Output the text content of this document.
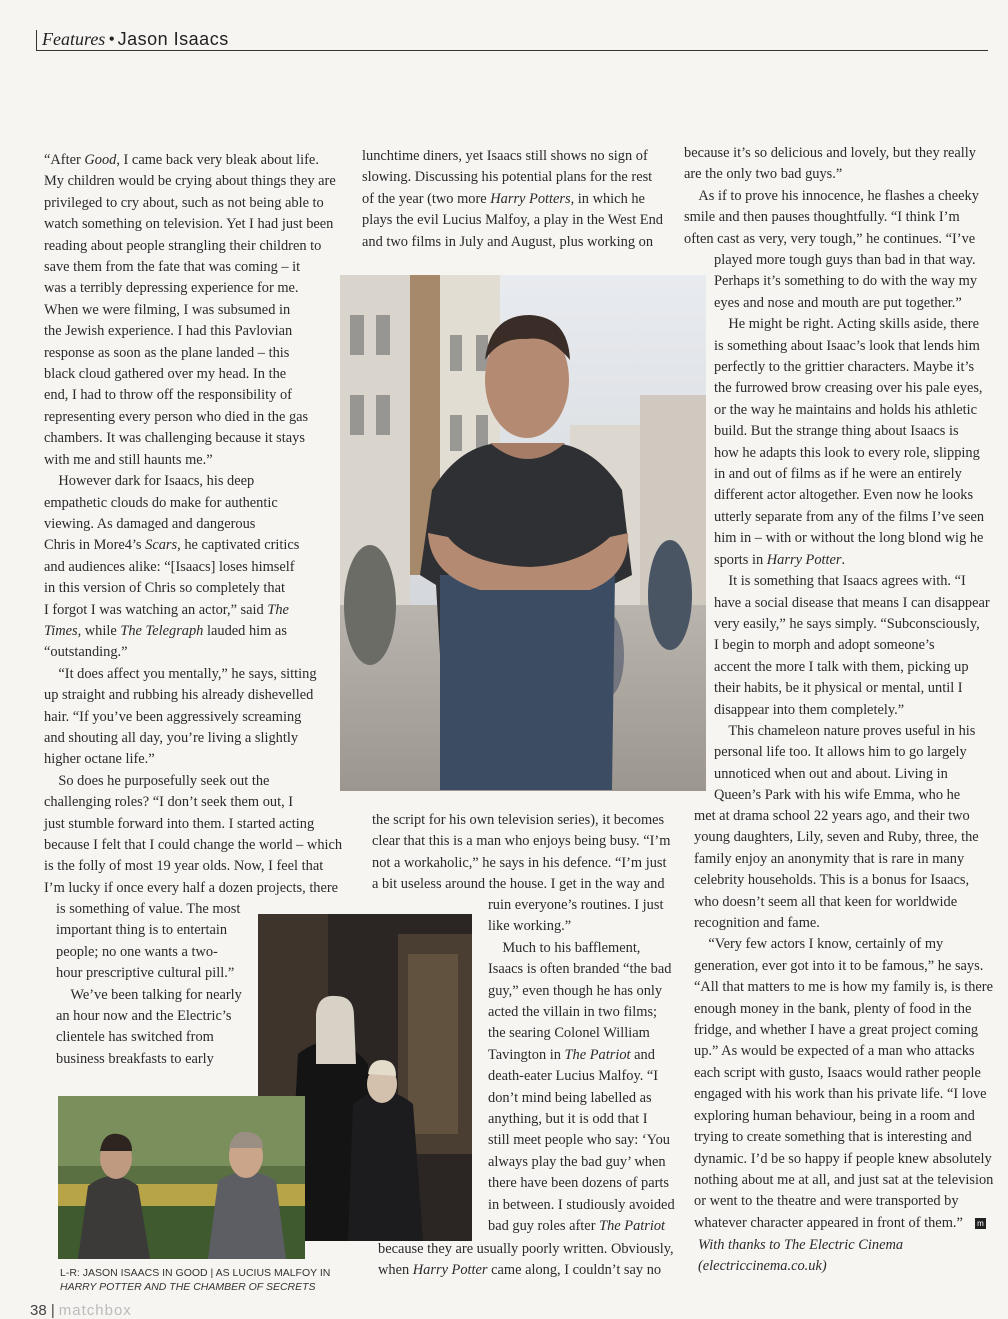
Features • Jason Isaacs
“After Good, I came back very bleak about life.
My children would be crying about things they are
privileged to cry about, such as not being able to
watch something on television. Yet I had just been
reading about people strangling their children to
save them from the fate that was coming – it
was a terribly depressing experience for me.
When we were filming, I was subsumed in
the Jewish experience. I had this Pavlovian
response as soon as the plane landed – this
black cloud gathered over my head. In the
end, I had to throw off the responsibility of
representing every person who died in the gas
chambers. It was challenging because it stays
with me and still haunts me.”
However dark for Isaacs, his deep
empathetic clouds do make for authentic
viewing. As damaged and dangerous
Chris in More4’s Scars, he captivated critics
and audiences alike: “[Isaacs] loses himself
in this version of Chris so completely that
I forgot I was watching an actor,” said The
Times, while The Telegraph lauded him as
“outstanding.”
“It does affect you mentally,” he says, sitting
up straight and rubbing his already dishevelled
hair. “If you’ve been aggressively screaming
and shouting all day, you’re living a slightly
higher octane life.”
So does he purposefully seek out the
challenging roles? “I don’t seek them out, I
just stumble forward into them. I started acting
because I felt that I could change the world – which
is the folly of most 19 year olds. Now, I feel that
I’m lucky if once every half a dozen projects, there
is something of value. The most
important thing is to entertain
people; no one wants a two-
hour prescriptive cultural pill.”
We’ve been talking for nearly
an hour now and the Electric’s
clientele has switched from
business breakfasts to early
lunchtime diners, yet Isaacs still shows no sign of
slowing. Discussing his potential plans for the rest
of the year (two more Harry Potters, in which he
plays the evil Lucius Malfoy, a play in the West End
and two films in July and August, plus working on
the script for his own television series), it becomes
clear that this is a man who enjoys being busy. “I’m
not a workaholic,” he says in his defence. “I’m just
a bit useless around the house. I get in the way and
ruin everyone’s routines. I just
like working.”
Much to his bafflement,
Isaacs is often branded “the bad
guy,” even though he has only
acted the villain in two films;
the searing Colonel William
Tavington in The Patriot and
death-eater Lucius Malfoy. “I
don’t mind being labelled as
anything, but it is odd that I
still meet people who say: ‘You
always play the bad guy’ when
there have been dozens of parts
in between. I studiously avoided
bad guy roles after The Patriot
because they are usually poorly written. Obviously,
when Harry Potter came along, I couldn’t say no
because it’s so delicious and lovely, but they really
are the only two bad guys.”
As if to prove his innocence, he flashes a cheeky
smile and then pauses thoughtfully. “I think I’m
often cast as very, very tough,” he continues. “I’ve
played more tough guys than bad in that way.
Perhaps it’s something to do with the way my
eyes and nose and mouth are put together.”
He might be right. Acting skills aside, there
is something about Isaac’s look that lends him
perfectly to the grittier characters. Maybe it’s
the furrowed brow creasing over his pale eyes,
or the way he maintains and holds his athletic
build. But the strange thing about Isaacs is
how he adapts this look to every role, slipping
in and out of films as if he were an entirely
different actor altogether. Even now he looks
utterly separate from any of the films I’ve seen
him in – with or without the long blond wig he
sports in Harry Potter.
It is something that Isaacs agrees with. “I
have a social disease that means I can disappear
very easily,” he says simply. “Subconsciously,
I begin to morph and adopt someone’s
accent the more I talk with them, picking up
their habits, be it physical or mental, until I
disappear into them completely.”
This chameleon nature proves useful in his
personal life too. It allows him to go largely
unnoticed when out and about. Living in
Queen’s Park with his wife Emma, who he
met at drama school 22 years ago, and their two
young daughters, Lily, seven and Ruby, three, the
family enjoy an anonymity that is rare in many
celebrity households. This is a bonus for Isaacs,
who doesn’t seem all that keen for worldwide
recognition and fame.
“Very few actors I know, certainly of my
generation, ever got into it to be famous,” he says.
“All that matters to me is how my family is, is there
enough money in the bank, plenty of food in the
fridge, and whether I have a great project coming
up.” As would be expected of a man who attacks
each script with gusto, Isaacs would rather people
engaged with his work than his private life. “I love
exploring human behaviour, being in a room and
trying to create something that is interesting and
dynamic. I’d be so happy if people knew absolutely
nothing about me at all, and just sat at the television
or went to the theatre and were transported by
whatever character appeared in front of them.”
With thanks to The Electric Cinema
(electriccinema.co.uk)
m
L-R: JASON ISAACS IN GOOD | AS LUCIUS MALFOY IN
HARRY POTTER AND THE CHAMBER OF SECRETS
38 | matchbox
